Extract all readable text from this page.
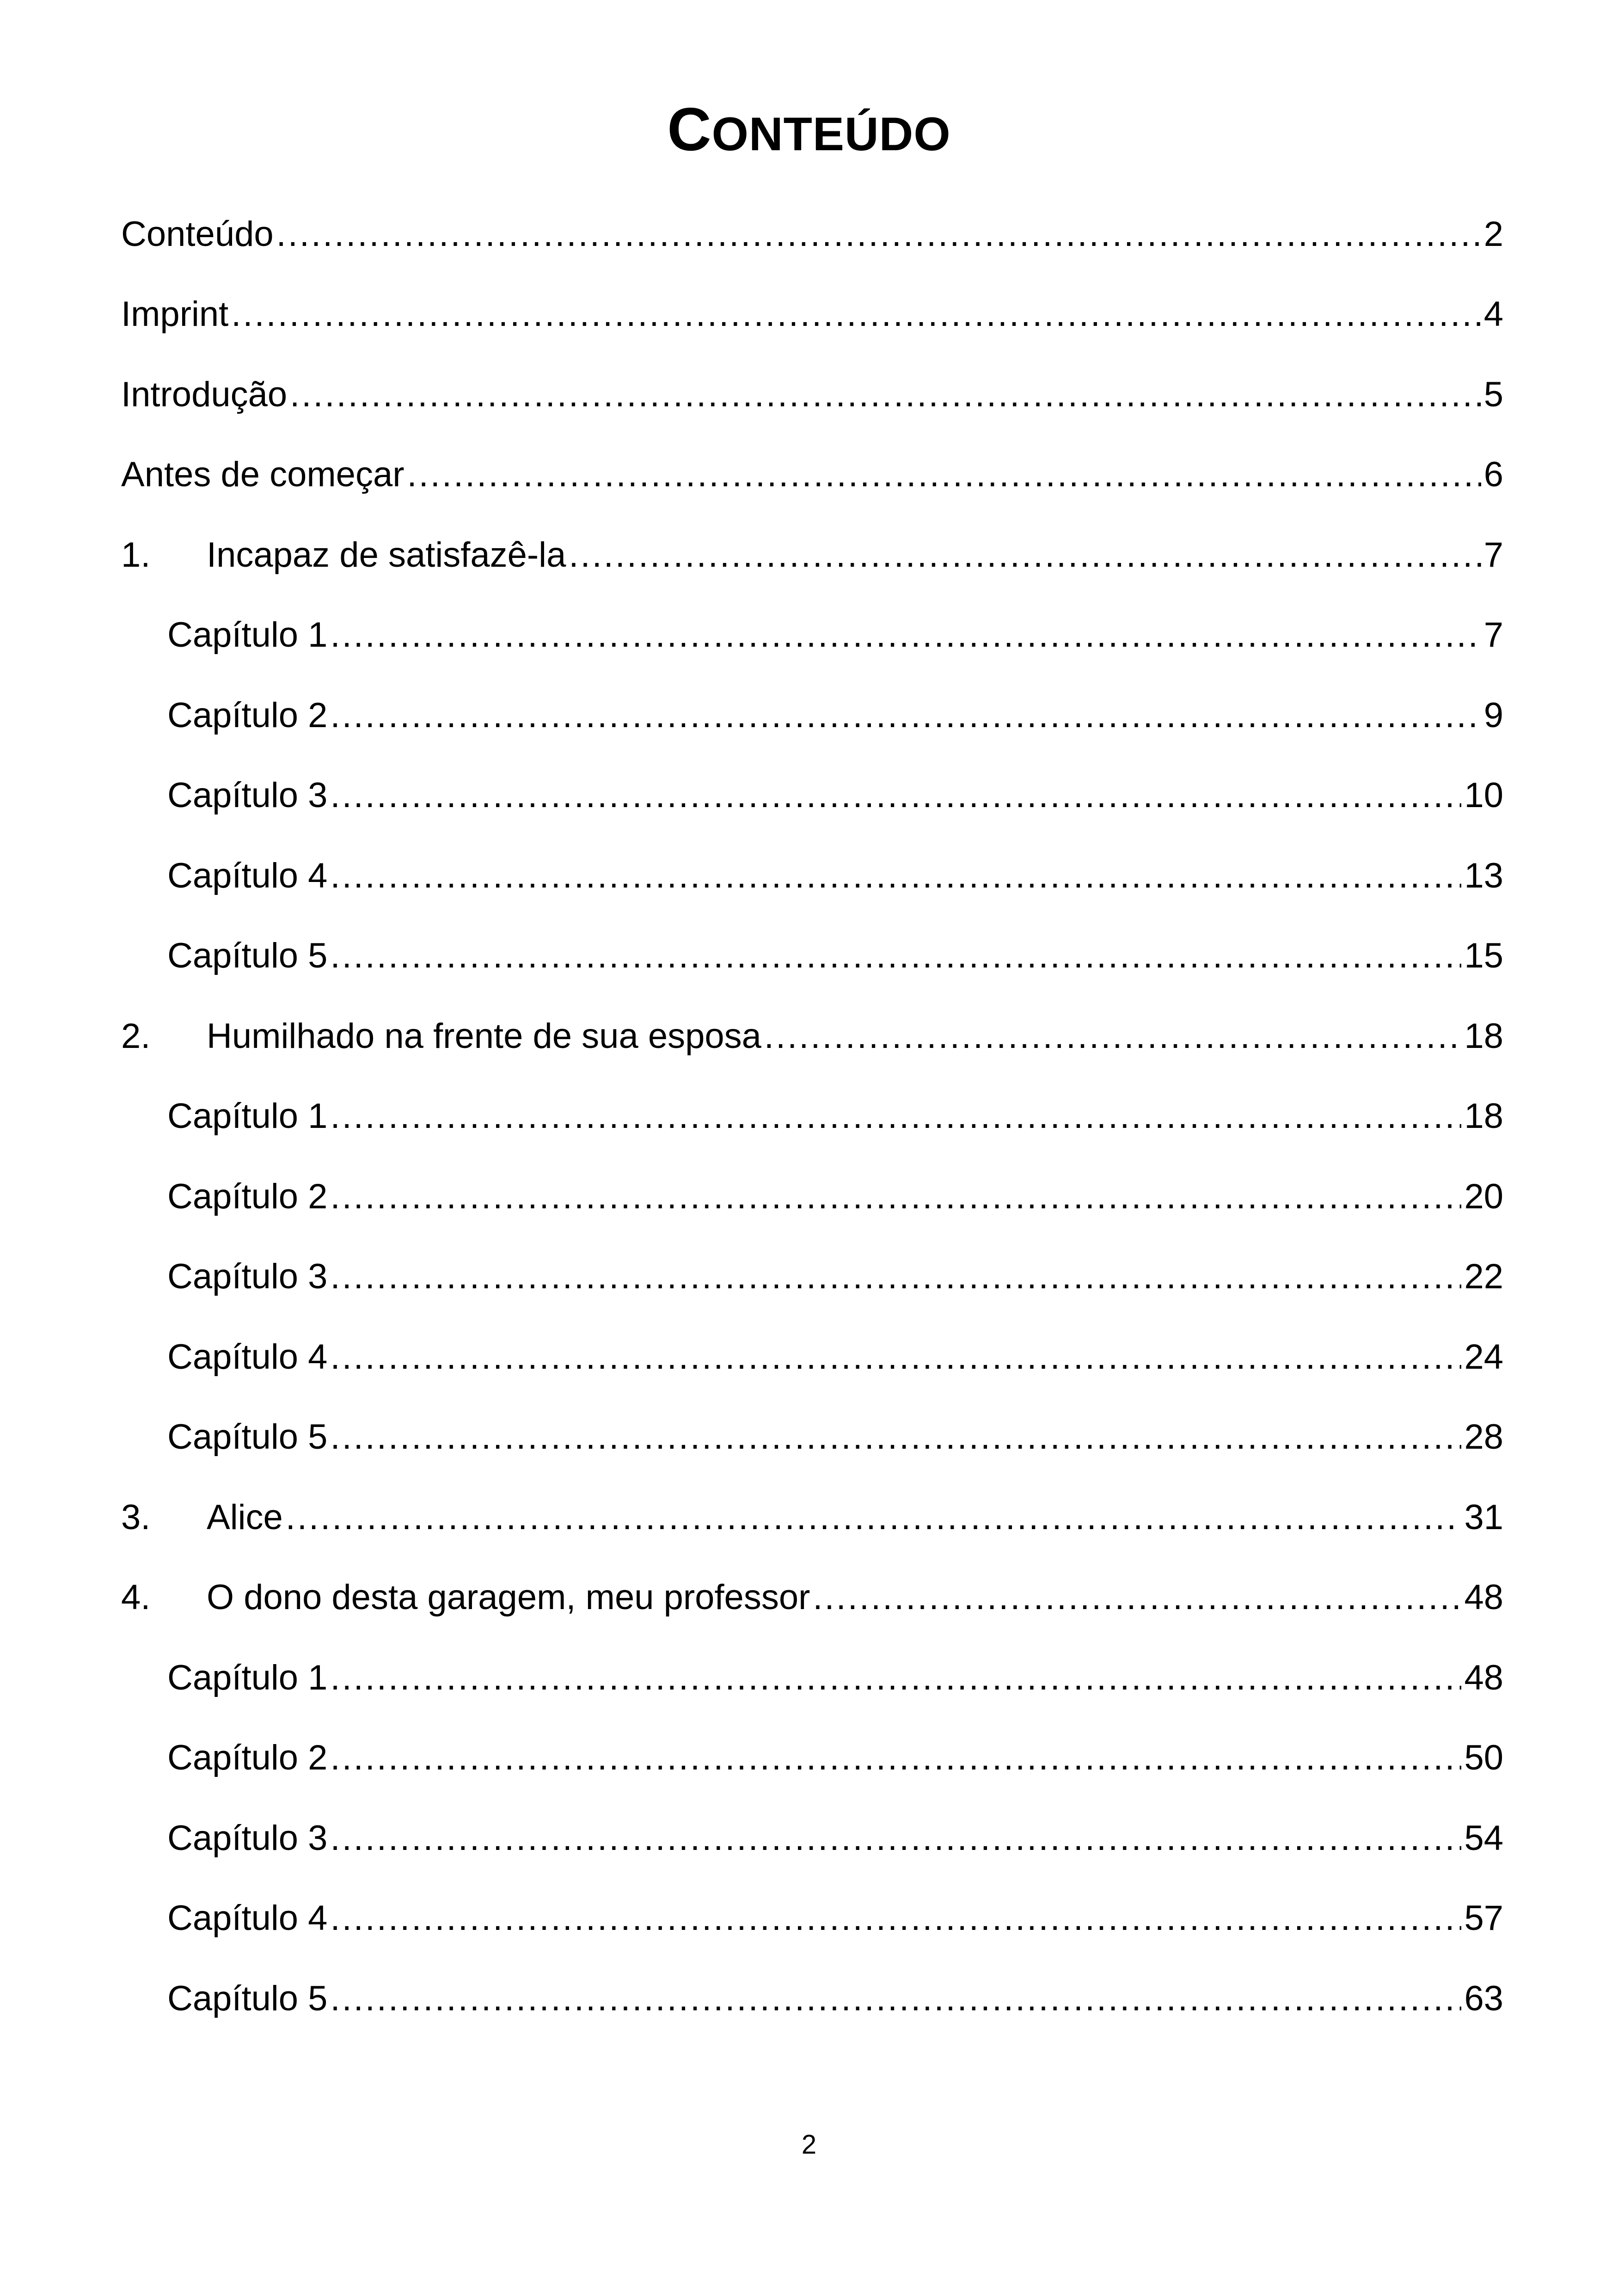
CONTEÚDO
Conteúdo .....	2
Imprint .....	4
Introdução .....	5
Antes de começar .....	6
1.	Incapaz de satisfazê-la .....	7
Capítulo 1 .....	7
Capítulo 2 .....	9
Capítulo 3 .....	10
Capítulo 4 .....	13
Capítulo 5 .....	15
2.	Humilhado na frente de sua esposa .....	18
Capítulo 1 .....	18
Capítulo 2 .....	20
Capítulo 3 .....	22
Capítulo 4 .....	24
Capítulo 5 .....	28
3.	Alice .....	31
4.	O dono desta garagem, meu professor .....	48
Capítulo 1 .....	48
Capítulo 2 .....	50
Capítulo 3 .....	54
Capítulo 4 .....	57
Capítulo 5 .....	63
2
